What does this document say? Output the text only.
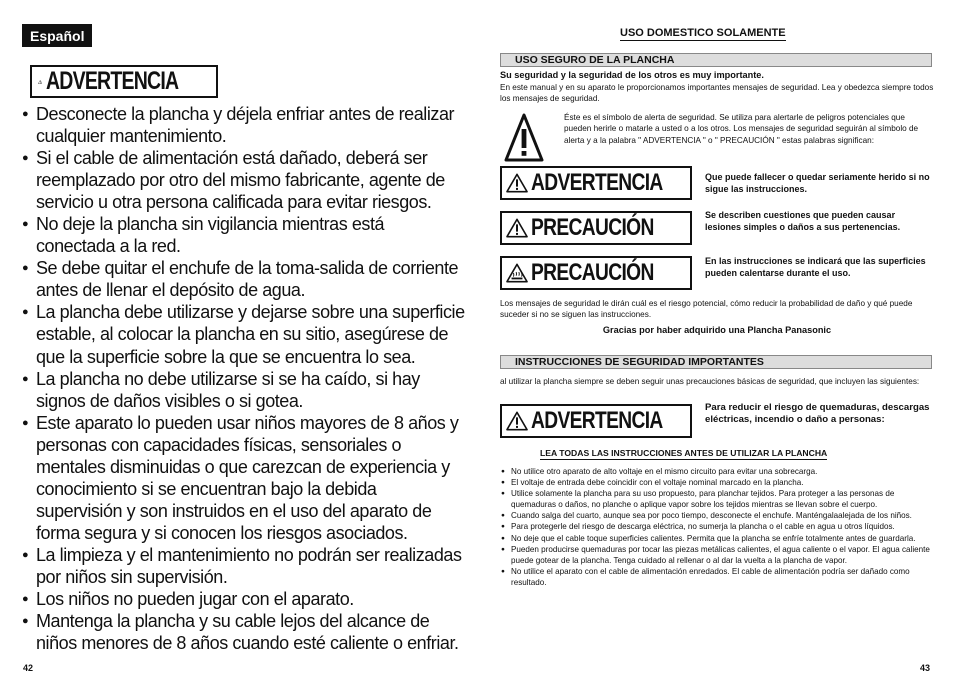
Español
ADVERTENCIA
● Desconecte la plancha y déjela enfriar antes de realizar cualquier mantenimiento.
● Si el cable de alimentación está dañado, deberá ser reemplazado por otro del mismo fabricante, agente de servicio u otra persona calificada para evitar riesgos.
● No deje la plancha sin vigilancia mientras está conectada a la red.
● Se debe quitar el enchufe de la toma-salida de corriente antes de llenar el depósito de agua.
● La plancha debe utilizarse y dejarse sobre una superficie estable, al colocar la plancha en su sitio, asegúrese de que la superficie sobre la que se encuentra lo sea.
● La plancha no debe utilizarse si se ha caído, si hay signos de daños visibles o si gotea.
● Este aparato lo pueden usar niños mayores de 8 años y personas con capacidades físicas, sensoriales o mentales disminuidas o que carezcan de experiencia y conocimiento si se encuentran bajo la debida supervisión y son instruidos en el uso del aparato de forma segura y si conocen los riesgos asociados.
● La limpieza y el mantenimiento no podrán ser realizadas por niños sin supervisión.
● Los niños no pueden jugar con el aparato.
● Mantenga la plancha y su cable lejos del alcance de niños menores de 8 años cuando esté caliente o enfriar.
42
USO DOMESTICO SOLAMENTE
USO SEGURO DE LA PLANCHA
Su seguridad y la seguridad de los otros es muy importante.
En este manual y en su aparato le proporcionamos importantes mensajes de seguridad. Lea y obedezca siempre todos los mensajes de seguridad.
Éste es el símbolo de alerta de seguridad. Se utiliza para alertarle de peligros potenciales que pueden herirle o matarle a usted o a los otros. Los mensajes de seguridad seguirán al símbolo de alerta y a la palabra " ADVERTENCIA " o " PRECAUCIÓN " estas palabras significan:
ADVERTENCIA	Que puede fallecer o quedar seriamente herido si no sigue las instrucciones.
PRECAUCIÓN	Se describen cuestiones que pueden causar lesiones simples o daños a sus pertenencias.
PRECAUCIÓN	En las instrucciones se indicará que las superficies pueden calentarse durante el uso.
Los mensajes de seguridad le dirán cuál es el riesgo potencial, cómo reducir la probabilidad de daño y qué puede suceder si no se siguen las instrucciones.
Gracias por haber adquirido una Plancha Panasonic
INSTRUCCIONES DE SEGURIDAD IMPORTANTES
al utilizar la plancha siempre se deben seguir unas precauciones básicas de seguridad, que incluyen las siguientes:
ADVERTENCIA	Para reducir el riesgo de quemaduras, descargas eléctricas, incendio o daño a personas:
LEA TODAS LAS INSTRUCCIONES ANTES DE UTILIZAR LA PLANCHA
● No utilice otro aparato de alto voltaje en el mismo circuito para evitar una sobrecarga.
● El voltaje de entrada debe coincidir con el voltaje nominal marcado en la plancha.
● Utilice solamente la plancha para su uso propuesto, para planchar tejidos. Para proteger a las personas de quemaduras o daños, no planche o aplique vapor sobre los tejidos mientras se llevan sobre el cuerpo.
● Cuando salga del cuarto, aunque sea por poco tiempo, desconecte el enchufe. Manténgalaalejada de los niños.
● Para protegerle del riesgo de descarga eléctrica, no sumerja la plancha o el cable en agua u otros líquidos.
● No deje que el cable toque superficies calientes. Permita que la plancha se enfríe totalmente antes de guardarla.
● Pueden producirse quemaduras por tocar las piezas metálicas calientes, el agua caliente o el vapor. El agua caliente puede gotear de la plancha. Tenga cuidado al rellenar o al dar la vuelta a la plancha de vapor.
● No utilice el aparato con el cable de alimentación enredados. El cable de alimentación podría ser dañado como resultado.
43
